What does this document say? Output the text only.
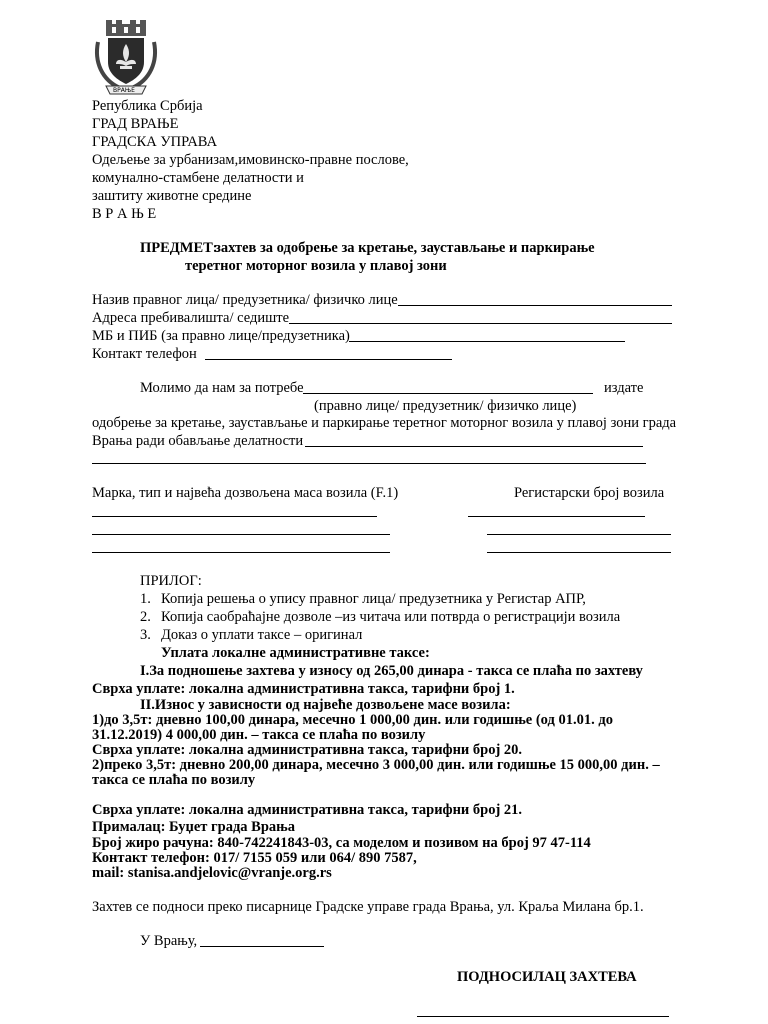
ВРАЊЕ
Република Србија
ГРАД ВРАЊЕ
ГРАДСКА УПРАВА
Одељење за урбанизам,имовинско-правне послове,
комунално-стамбене делатности и
заштиту животне средине
В Р А Њ Е
ПРЕДМЕТ:
захтев за одобрење за кретање, заустављање и паркирање
теретног моторног возила у плавој зони
Назив правног лица/ предузетника/ физичко лице
Адреса пребивалишта/ седиште
МБ и ПИБ (за правно лице/предузетника)
Контакт телефон
Молимо да нам за потребе	издате
(правно лице/ предузетник/ физичко лице)
одобрење за кретање, заустављање и паркирање теретног моторног возила у плавој зони града
Врања ради обављање делатности
Марка, тип и највећа дозвољена маса возила (F.1)	Регистарски број возила
ПРИЛОГ:
1. Копија решења о упису правног лица/ предузетника у Регистар АПР,
2. Копија саобраћајне дозволе –из читача или потврда о регистрацији возила
3. Доказ о уплати таксе – оригинал
Уплата локалне административне таксе:
I.За подношење захтева у износу од 265,00 динара - такса се плаћа по захтеву
Сврха уплате: локална административна такса, тарифни број 1.
II.Износ у зависности од највеће дозвољене масе возила:
1)до 3,5т: дневно 100,00 динара, месечно 1 000,00 дин. или годишње (од 01.01. до
31.12.2019) 4 000,00 дин. – такса се плаћа по возилу
Сврха уплате: локална административна такса, тарифни број 20.
2)преко 3,5т: дневно 200,00 динара, месечно 3 000,00 дин. или годишње 15 000,00 дин. –
такса се плаћа по возилу
Сврха уплате: локална административна такса, тарифни број 21.
Прималац: Буџет града Врања
Број жиро рачуна: 840-742241843-03, са моделом и позивом на број 97 47-114
Контакт телефон: 017/ 7155 059 или 064/ 890 7587,
mail: stanisa.andjelovic@vranje.org.rs
Захтев се подноси преко писарнице Градске управе града Врања, ул. Краља Милана бр.1.
У Врању,
ПОДНОСИЛАЦ ЗАХТЕВА
